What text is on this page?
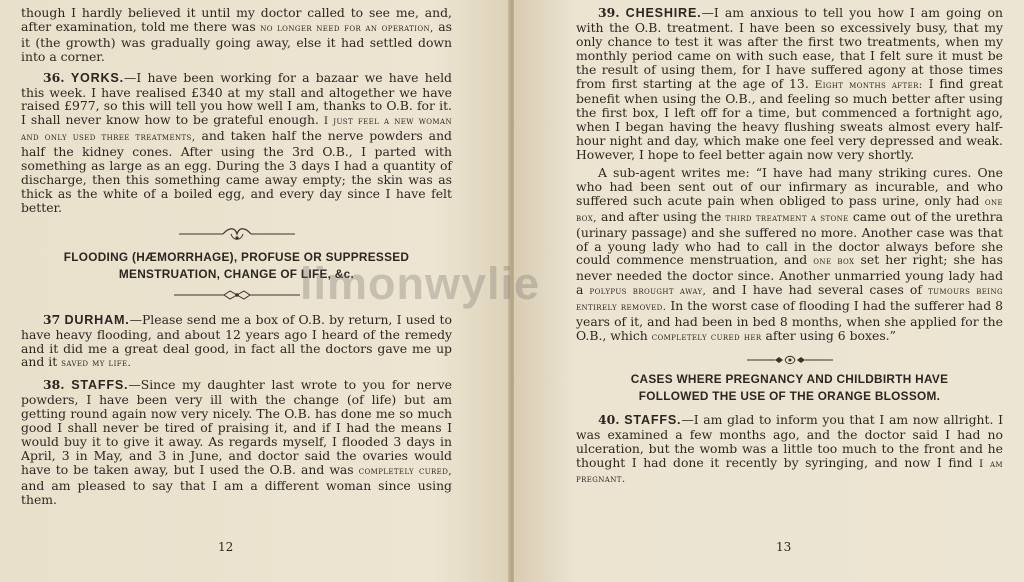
though I hardly believed it until my doctor called to see me, and, after examination, told me there was no longer need for an operation, as it (the growth) was gradually going away, else it had settled down into a corner.

36. YORKS.—I have been working for a bazaar we have held this week. I have realised £340 at my stall and altogether we have raised £977, so this will tell you how well I am, thanks to O.B. for it. I shall never know how to be grateful enough. I just feel a new woman and only used three treatments, and taken half the nerve powders and half the kidney cones. After using the 3rd O.B., I parted with something as large as an egg. During the 3 days I had a quantity of discharge, then this something came away empty; the skin was as thick as the white of a boiled egg, and every day since I have felt better.

FLOODING (HÆMORRHAGE), PROFUSE OR SUPPRESSED
MENSTRUATION, CHANGE OF LIFE, &c.

37 DURHAM.—Please send me a box of O.B. by return, I used to have heavy flooding, and about 12 years ago I heard of the remedy and it did me a great deal good, in fact all the doctors gave me up and it saved my life.

38. STAFFS.—Since my daughter last wrote to you for nerve powders, I have been very ill with the change (of life) but am getting round again now very nicely. The O.B. has done me so much good I shall never be tired of praising it, and if I had the means I would buy it to give it away. As regards myself, I flooded 3 days in April, 3 in May, and 3 in June, and doctor said the ovaries would have to be taken away, but I used the O.B. and was completely cured, and am pleased to say that I am a different woman since using them.

12

39. CHESHIRE.—I am anxious to tell you how I am going on with the O.B. treatment. I have been so excessively busy, that my only chance to test it was after the first two treatments, when my monthly period came on with such ease, that I felt sure it must be the result of using them, for I have suffered agony at those times from first starting at the age of 13. Eight months after: I find great benefit when using the O.B., and feeling so much better after using the first box, I left off for a time, but commenced a fortnight ago, when I began having the heavy flushing sweats almost every half-hour night and day, which make one feel very depressed and weak. However, I hope to feel better again now very shortly.

A sub-agent writes me: “I have had many striking cures. One who had been sent out of our infirmary as incurable, and who suffered such acute pain when obliged to pass urine, only had one box, and after using the third treatment a stone came out of the urethra (urinary passage) and she suffered no more. Another case was that of a young lady who had to call in the doctor always before she could commence menstruation, and one box set her right; she has never needed the doctor since. Another unmarried young lady had a polypus brought away, and I have had several cases of tumours being entirely removed. In the worst case of flooding I had the sufferer had 8 years of it, and had been in bed 8 months, when she applied for the O.B., which completely cured her after using 6 boxes.”

CASES WHERE PREGNANCY AND CHILDBIRTH HAVE
FOLLOWED THE USE OF THE ORANGE BLOSSOM.

40. STAFFS.—I am glad to inform you that I am now allright. I was examined a few months ago, and the doctor said I had no ulceration, but the womb was a little too much to the front and he thought I had done it recently by syringing, and now I find I am pregnant.

13
limonwylie
